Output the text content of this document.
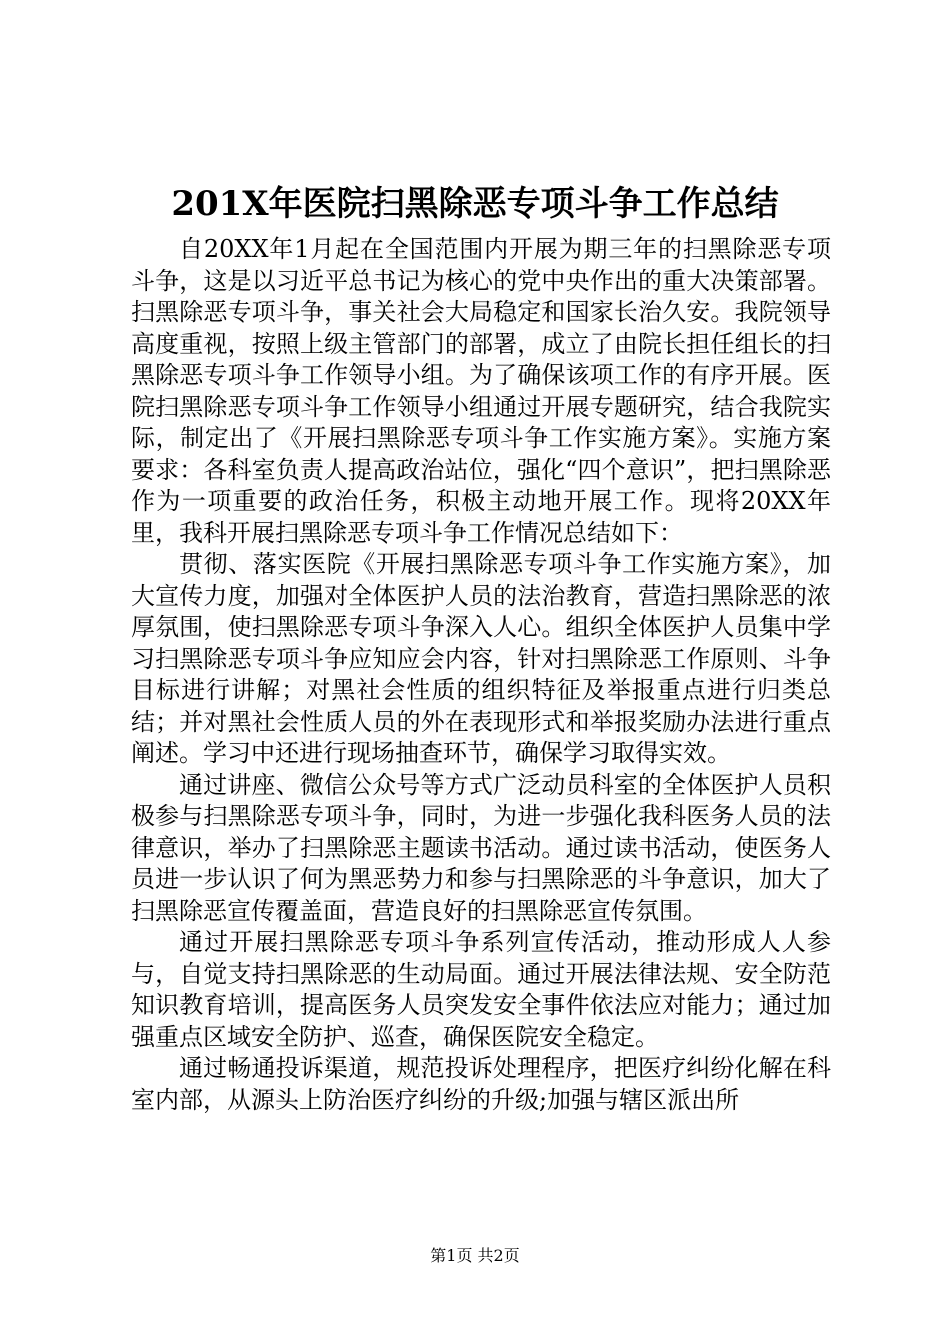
201X年医院扫黑除恶专项斗争工作总结

自20XX年1月起在全国范围内开展为期三年的扫黑除恶专项斗争，这是以习近平总书记为核心的党中央作出的重大决策部署。扫黑除恶专项斗争，事关社会大局稳定和国家长治久安。我院领导高度重视，按照上级主管部门的部署，成立了由院长担任组长的扫黑除恶专项斗争工作领导小组。为了确保该项工作的有序开展。医院扫黑除恶专项斗争工作领导小组通过开展专题研究，结合我院实际，制定出了《开展扫黑除恶专项斗争工作实施方案》。实施方案要求：各科室负责人提高政治站位，强化“四个意识”，把扫黑除恶作为一项重要的政治任务，积极主动地开展工作。现将20XX年里，我科开展扫黑除恶专项斗争工作情况总结如下：

贯彻、落实医院《开展扫黑除恶专项斗争工作实施方案》，加大宣传力度，加强对全体医护人员的法治教育，营造扫黑除恶的浓厚氛围，使扫黑除恶专项斗争深入人心。组织全体医护人员集中学习扫黑除恶专项斗争应知应会内容，针对扫黑除恶工作原则、斗争目标进行讲解；对黑社会性质的组织特征及举报重点进行归类总结；并对黑社会性质人员的外在表现形式和举报奖励办法进行重点阐述。学习中还进行现场抽查环节，确保学习取得实效。

通过讲座、微信公众号等方式广泛动员科室的全体医护人员积极参与扫黑除恶专项斗争，同时，为进一步强化我科医务人员的法律意识，举办了扫黑除恶主题读书活动。通过读书活动，使医务人员进一步认识了何为黑恶势力和参与扫黑除恶的斗争意识，加大了扫黑除恶宣传覆盖面，营造良好的扫黑除恶宣传氛围。

通过开展扫黑除恶专项斗争系列宣传活动，推动形成人人参与，自觉支持扫黑除恶的生动局面。通过开展法律法规、安全防范知识教育培训，提高医务人员突发安全事件依法应对能力；通过加强重点区域安全防护、巡查，确保医院安全稳定。

通过畅通投诉渠道，规范投诉处理程序，把医疗纠纷化解在科室内部，从源头上防治医疗纠纷的升级;加强与辖区派出所

第1页 共2页
